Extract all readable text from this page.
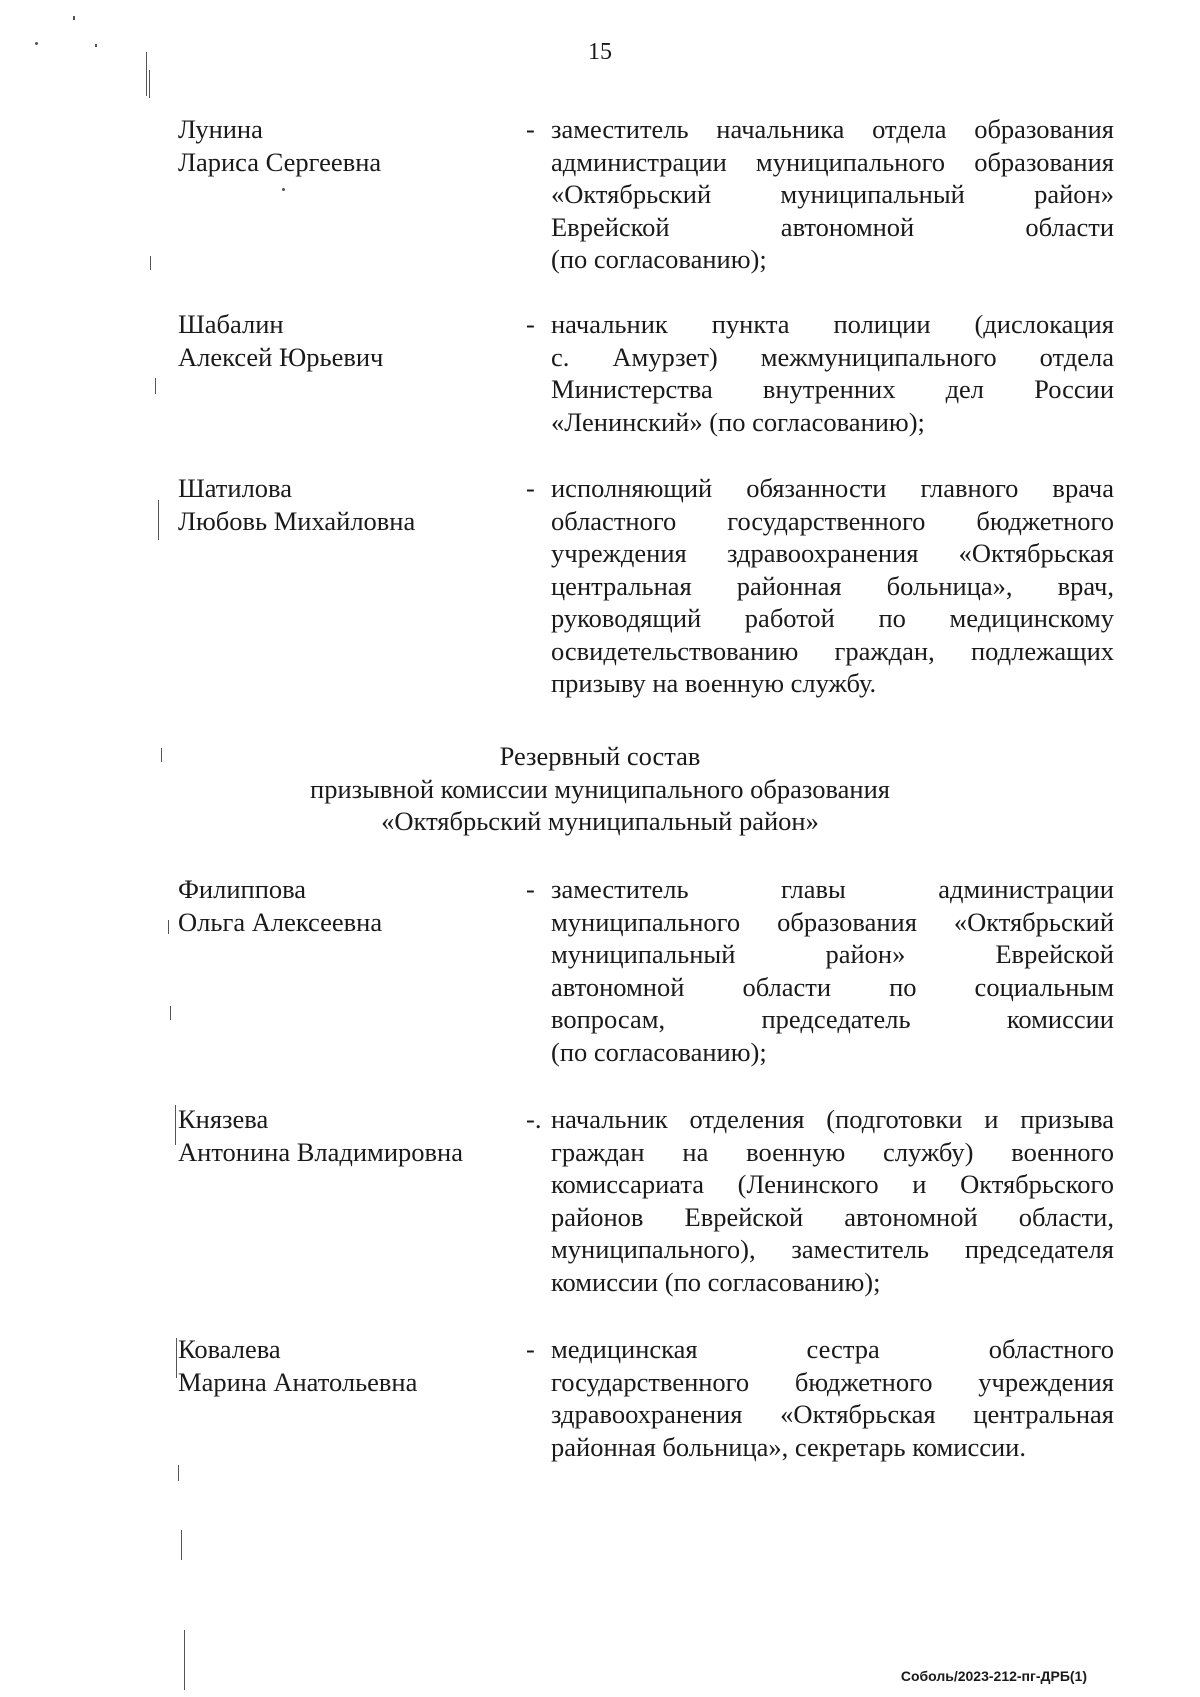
15
Лунина
Лариса Сергеевна
- заместитель начальника отдела образования
администрации муниципального образования
«Октябрьский муниципальный район»
Еврейской автономной области
(по согласованию);
Шабалин
Алексей Юрьевич
- начальник пункта полиции (дислокация
с. Амурзет) межмуниципального отдела
Министерства внутренних дел России
«Ленинский» (по согласованию);
Шатилова
Любовь Михайловна
- исполняющий обязанности главного врача
областного государственного бюджетного
учреждения здравоохранения «Октябрьская
центральная районная больница», врач,
руководящий работой по медицинскому
освидетельствованию граждан, подлежащих
призыву на военную службу.
Резервный состав
призывной комиссии муниципального образования
«Октябрьский муниципальный район»
Филиппова
Ольга Алексеевна
- заместитель главы администрации
муниципального образования «Октябрьский
муниципальный район» Еврейской
автономной области по социальным
вопросам, председатель комиссии
(по согласованию);
Князева
Антонина Владимировна
-. начальник отделения (подготовки и призыва
граждан на военную службу) военного
комиссариата (Ленинского и Октябрьского
районов Еврейской автономной области,
муниципального), заместитель председателя
комиссии (по согласованию);
Ковалева
Марина Анатольевна
- медицинская сестра областного
государственного бюджетного учреждения
здравоохранения «Октябрьская центральная
районная больница», секретарь комиссии.
Соболь/2023-212-пг-ДРБ(1)
